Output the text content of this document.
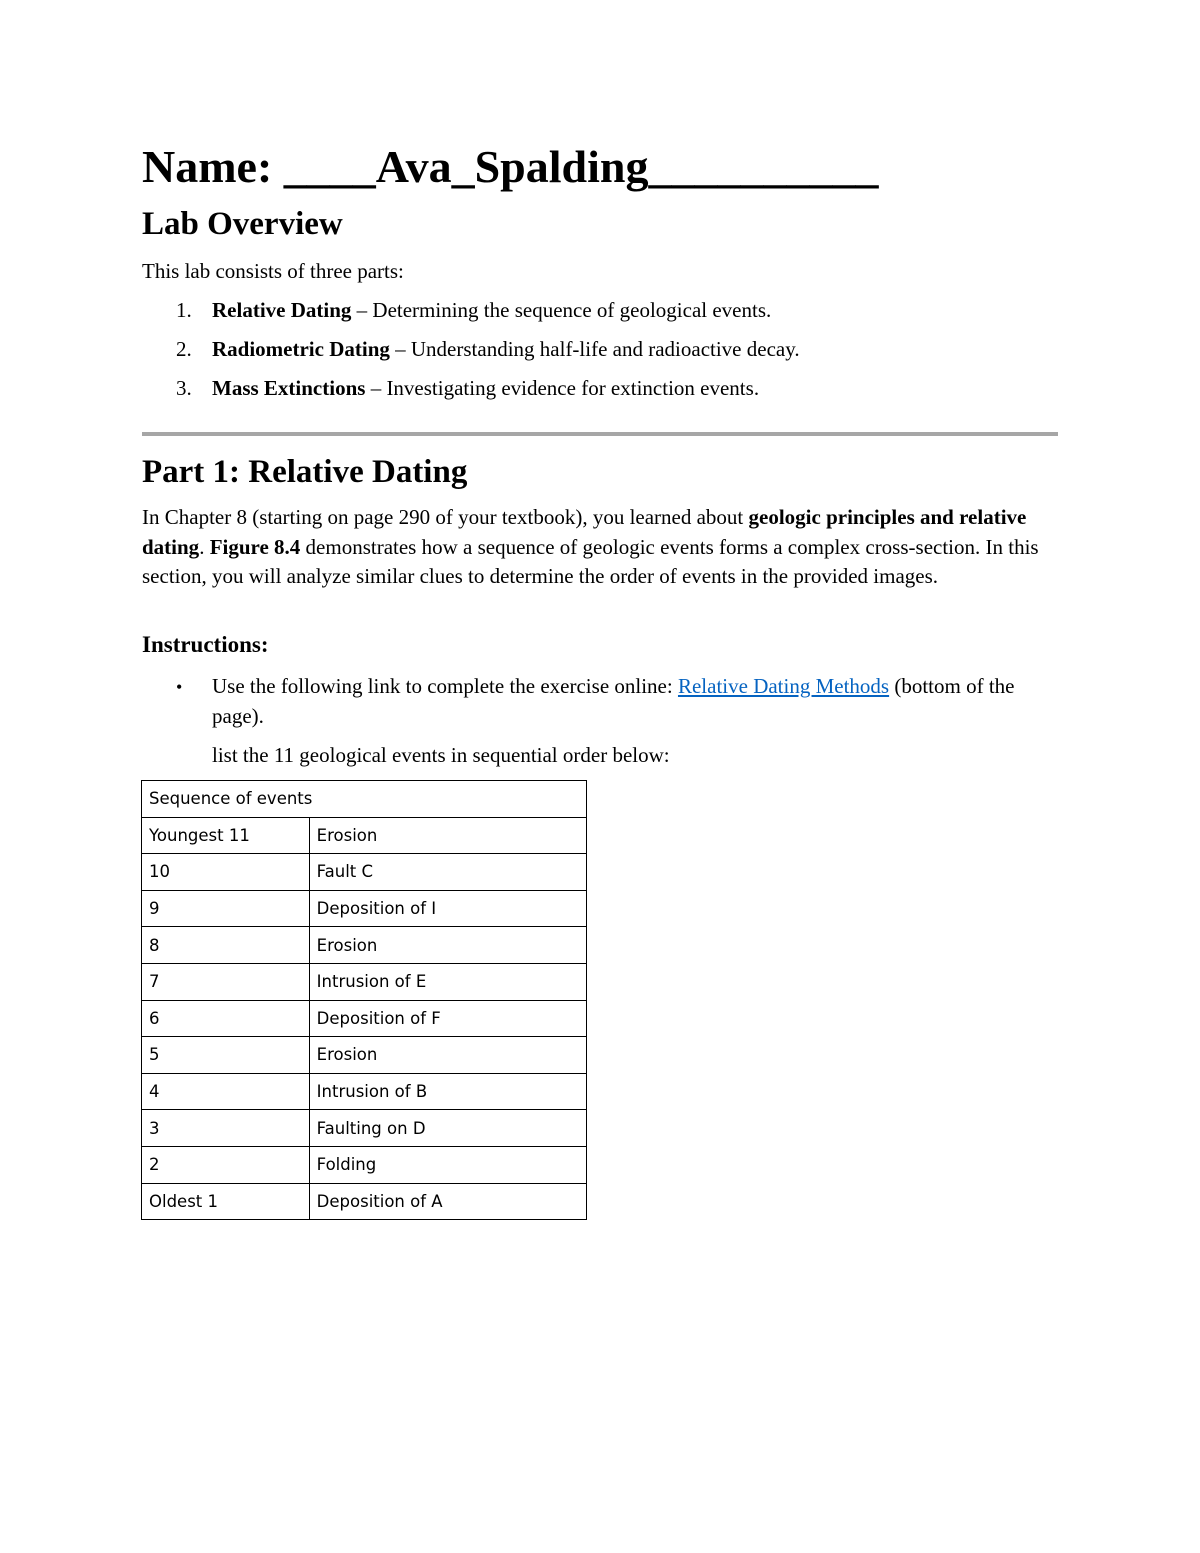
Name: ____Ava_Spalding__________
Lab Overview
This lab consists of three parts:
1. Relative Dating – Determining the sequence of geological events.
2. Radiometric Dating – Understanding half-life and radioactive decay.
3. Mass Extinctions – Investigating evidence for extinction events.
Part 1: Relative Dating
In Chapter 8 (starting on page 290 of your textbook), you learned about geologic principles and relative dating. Figure 8.4 demonstrates how a sequence of geologic events forms a complex cross-section. In this section, you will analyze similar clues to determine the order of events in the provided images.
Instructions:
• Use the following link to complete the exercise online: Relative Dating Methods (bottom of the page).
list the 11 geological events in sequential order below:
Sequence of events	
Youngest 11	Erosion
10	Fault C
9	Deposition of I
8	Erosion
7	Intrusion of E
6	Deposition of F
5	Erosion
4	Intrusion of B
3	Faulting on D
2	Folding
Oldest 1	Deposition of A
